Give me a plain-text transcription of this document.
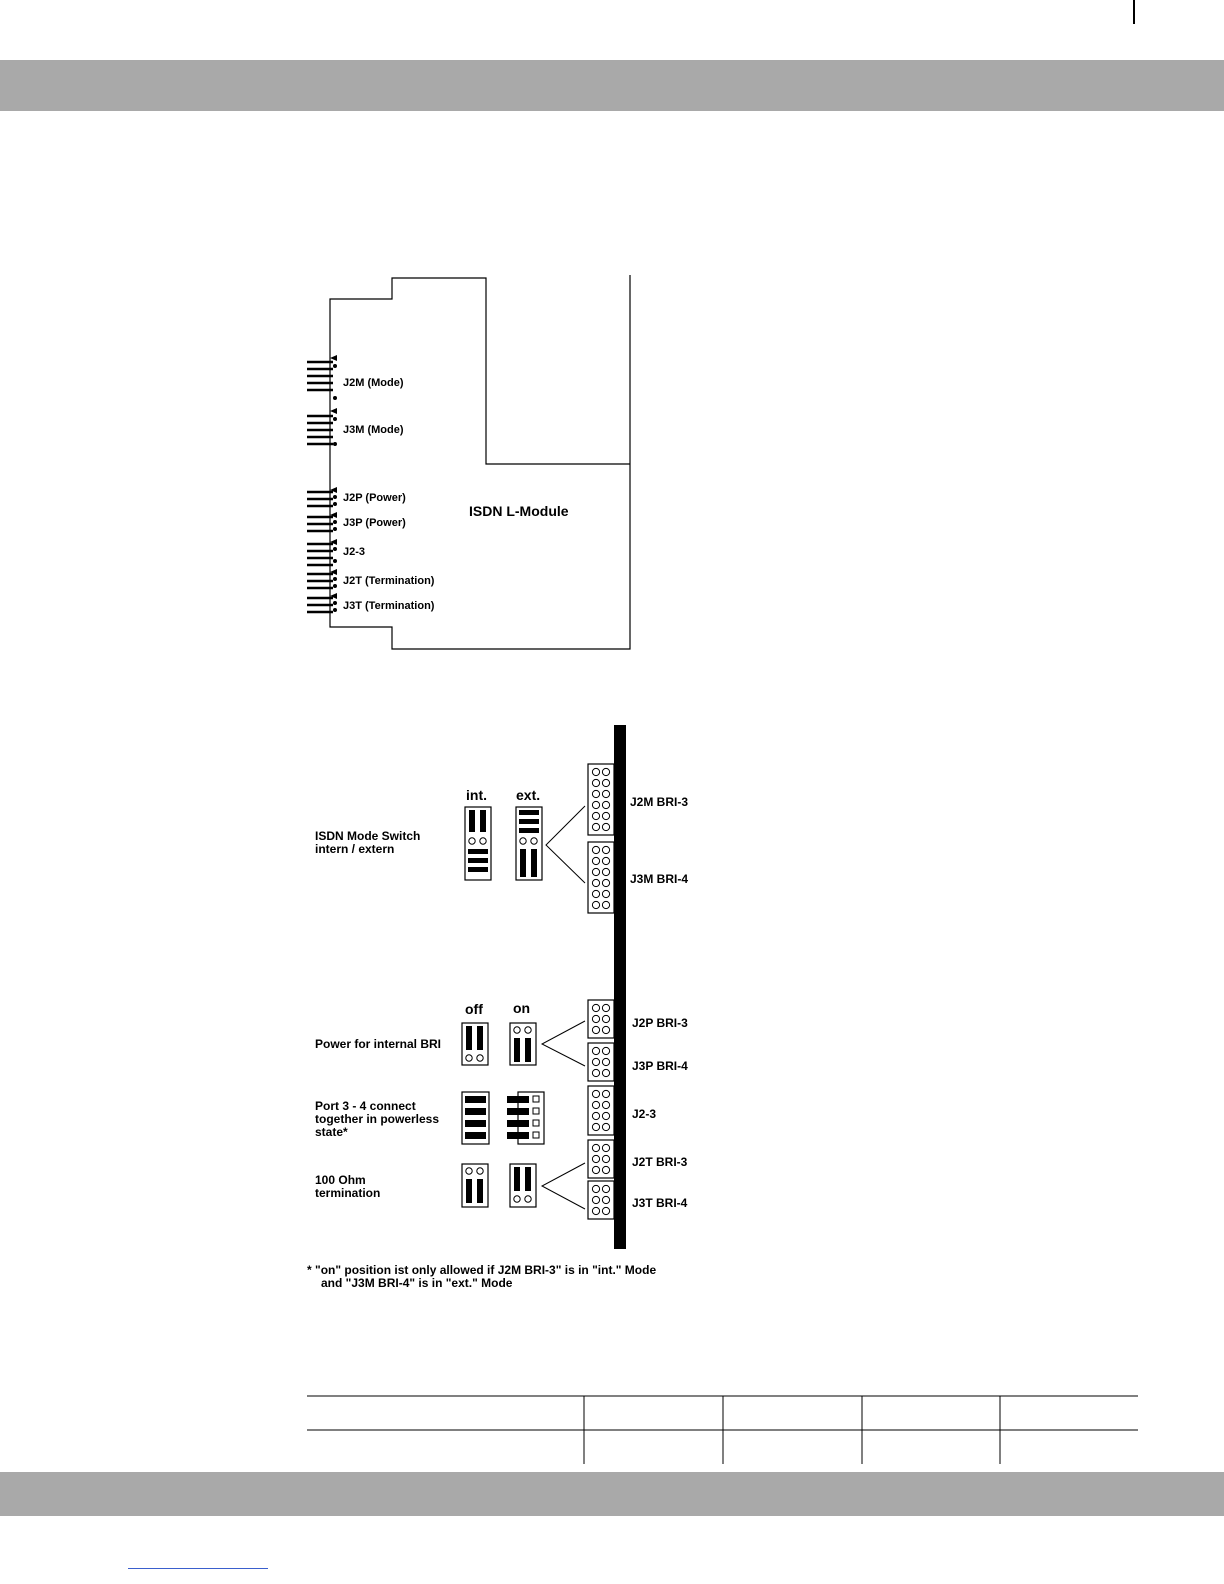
ISDN L-Module
J2M (Mode)
J3M (Mode)
J2P (Power)
J3P (Power)
J2-3
J2T (Termination)
J3T (Termination)
int. ext.
ISDN Mode Switch
intern / extern
J2M BRI-3
J3M BRI-4
off on
Power for internal BRI
J2P BRI-3
J3P BRI-4
Port 3 - 4 connect
together in powerless
state*
J2-3
100 Ohm
termination
J2T BRI-3
J3T BRI-4
* "on" position ist only allowed if J2M BRI-3" is in "int." Mode
and "J3M BRI-4" is in "ext." Mode
